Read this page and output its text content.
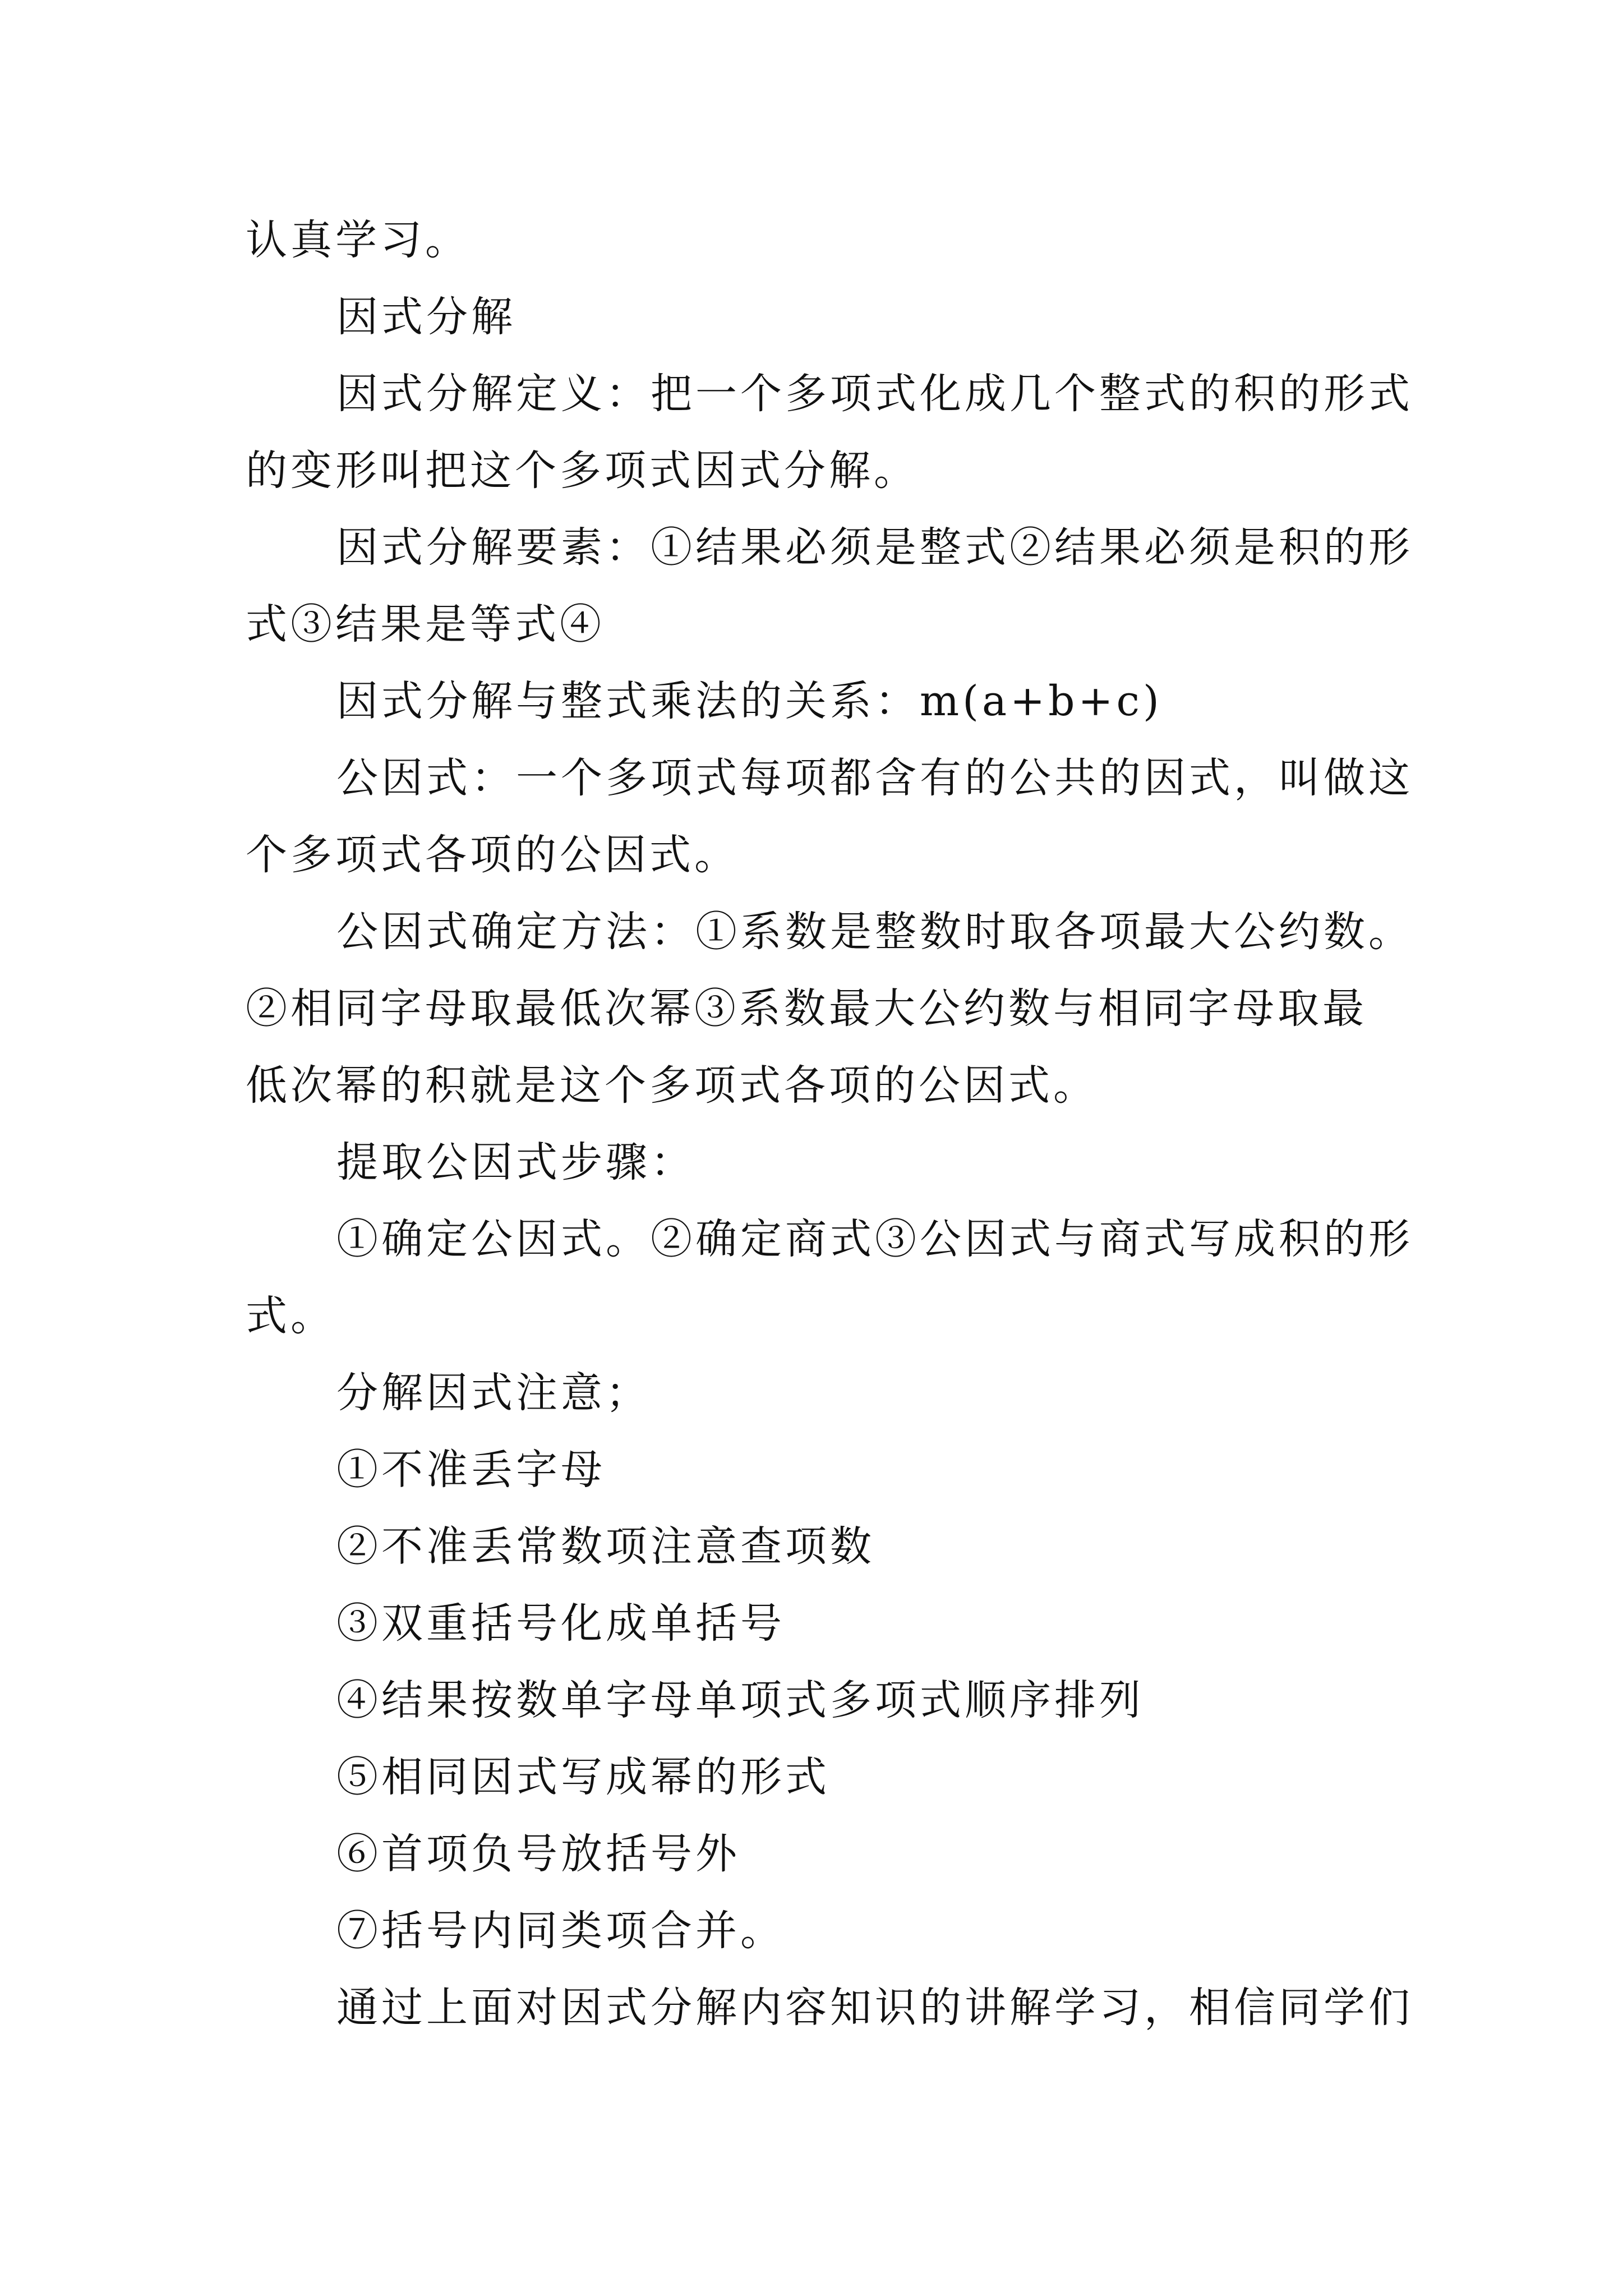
认真学习。
因式分解
因式分解定义：把一个多项式化成几个整式的积的形式
的变形叫把这个多项式因式分解。
因式分解要素：①结果必须是整式②结果必须是积的形
式③结果是等式④
因式分解与整式乘法的关系：m(a+b+c)
公因式：一个多项式每项都含有的公共的因式，叫做这
个多项式各项的公因式。
公因式确定方法：①系数是整数时取各项最大公约数。
②相同字母取最低次幂③系数最大公约数与相同字母取最
低次幂的积就是这个多项式各项的公因式。
提取公因式步骤：
①确定公因式。②确定商式③公因式与商式写成积的形
式。
分解因式注意；
①不准丢字母
②不准丢常数项注意查项数
③双重括号化成单括号
④结果按数单字母单项式多项式顺序排列
⑤相同因式写成幂的形式
⑥首项负号放括号外
⑦括号内同类项合并。
通过上面对因式分解内容知识的讲解学习，相信同学们
